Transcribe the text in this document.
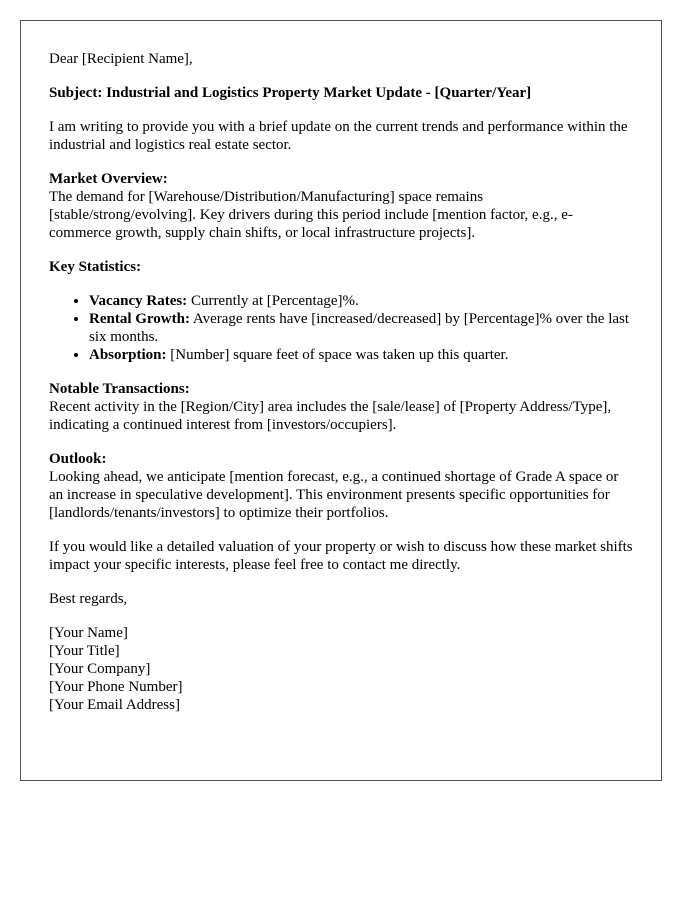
Dear [Recipient Name],

Subject: Industrial and Logistics Property Market Update - [Quarter/Year]

I am writing to provide you with a brief update on the current trends and performance within the industrial and logistics real estate sector.

Market Overview:
The demand for [Warehouse/Distribution/Manufacturing] space remains [stable/strong/evolving]. Key drivers during this period include [mention factor, e.g., e-commerce growth, supply chain shifts, or local infrastructure projects].

Key Statistics:

• Vacancy Rates: Currently at [Percentage]%.
• Rental Growth: Average rents have [increased/decreased] by [Percentage]% over the last six months.
• Absorption: [Number] square feet of space was taken up this quarter.

Notable Transactions:
Recent activity in the [Region/City] area includes the [sale/lease] of [Property Address/Type], indicating a continued interest from [investors/occupiers].

Outlook:
Looking ahead, we anticipate [mention forecast, e.g., a continued shortage of Grade A space or an increase in speculative development]. This environment presents specific opportunities for [landlords/tenants/investors] to optimize their portfolios.

If you would like a detailed valuation of your property or wish to discuss how these market shifts impact your specific interests, please feel free to contact me directly.

Best regards,

[Your Name]
[Your Title]
[Your Company]
[Your Phone Number]
[Your Email Address]
